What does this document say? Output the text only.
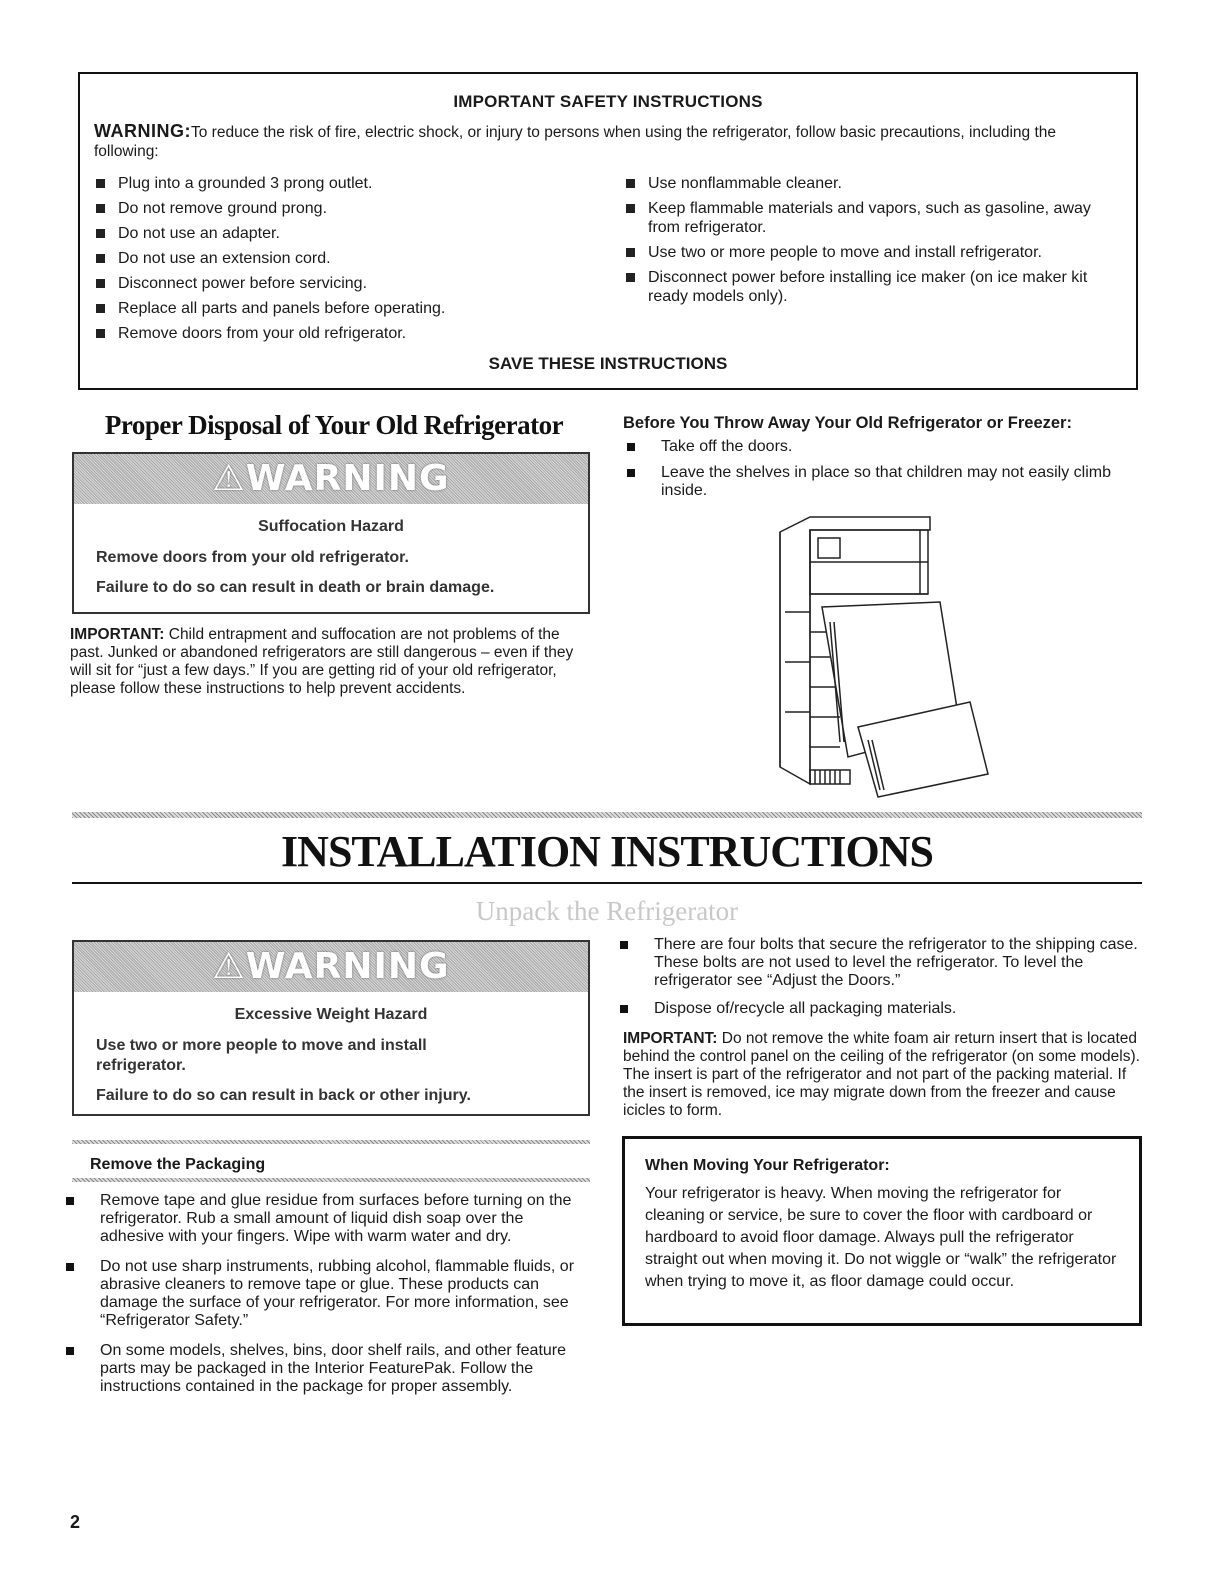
IMPORTANT SAFETY INSTRUCTIONS
WARNING:To reduce the risk of fire, electric shock, or injury to persons when using the refrigerator, follow basic precautions, including the following:
Plug into a grounded 3 prong outlet.
Do not remove ground prong.
Do not use an adapter.
Do not use an extension cord.
Disconnect power before servicing.
Replace all parts and panels before operating.
Remove doors from your old refrigerator.
Use nonflammable cleaner.
Keep flammable materials and vapors, such as gasoline, away from refrigerator.
Use two or more people to move and install refrigerator.
Disconnect power before installing ice maker (on ice maker kit ready models only).
SAVE THESE INSTRUCTIONS
Proper Disposal of Your Old Refrigerator
⚠WARNING
Suffocation Hazard
Remove doors from your old refrigerator.
Failure to do so can result in death or brain damage.
IMPORTANT: Child entrapment and suffocation are not problems of the past. Junked or abandoned refrigerators are still dangerous – even if they will sit for “just a few days.” If you are getting rid of your old refrigerator, please follow these instructions to help prevent accidents.
Before You Throw Away Your Old Refrigerator or Freezer:
Take off the doors.
Leave the shelves in place so that children may not easily climb inside.
INSTALLATION INSTRUCTIONS
Unpack the Refrigerator
⚠WARNING
Excessive Weight Hazard
Use two or more people to move and install refrigerator.
Failure to do so can result in back or other injury.
Remove the Packaging
Remove tape and glue residue from surfaces before turning on the refrigerator. Rub a small amount of liquid dish soap over the adhesive with your fingers. Wipe with warm water and dry.
Do not use sharp instruments, rubbing alcohol, flammable fluids, or abrasive cleaners to remove tape or glue. These products can damage the surface of your refrigerator. For more information, see “Refrigerator Safety.”
On some models, shelves, bins, door shelf rails, and other feature parts may be packaged in the Interior FeaturePak. Follow the instructions contained in the package for proper assembly.
There are four bolts that secure the refrigerator to the shipping case. These bolts are not used to level the refrigerator. To level the refrigerator see “Adjust the Doors.”
Dispose of/recycle all packaging materials.
IMPORTANT: Do not remove the white foam air return insert that is located behind the control panel on the ceiling of the refrigerator (on some models). The insert is part of the refrigerator and not part of the packing material. If the insert is removed, ice may migrate down from the freezer and cause icicles to form.
When Moving Your Refrigerator:
Your refrigerator is heavy. When moving the refrigerator for cleaning or service, be sure to cover the floor with cardboard or hardboard to avoid floor damage. Always pull the refrigerator straight out when moving it. Do not wiggle or “walk” the refrigerator when trying to move it, as floor damage could occur.
2
